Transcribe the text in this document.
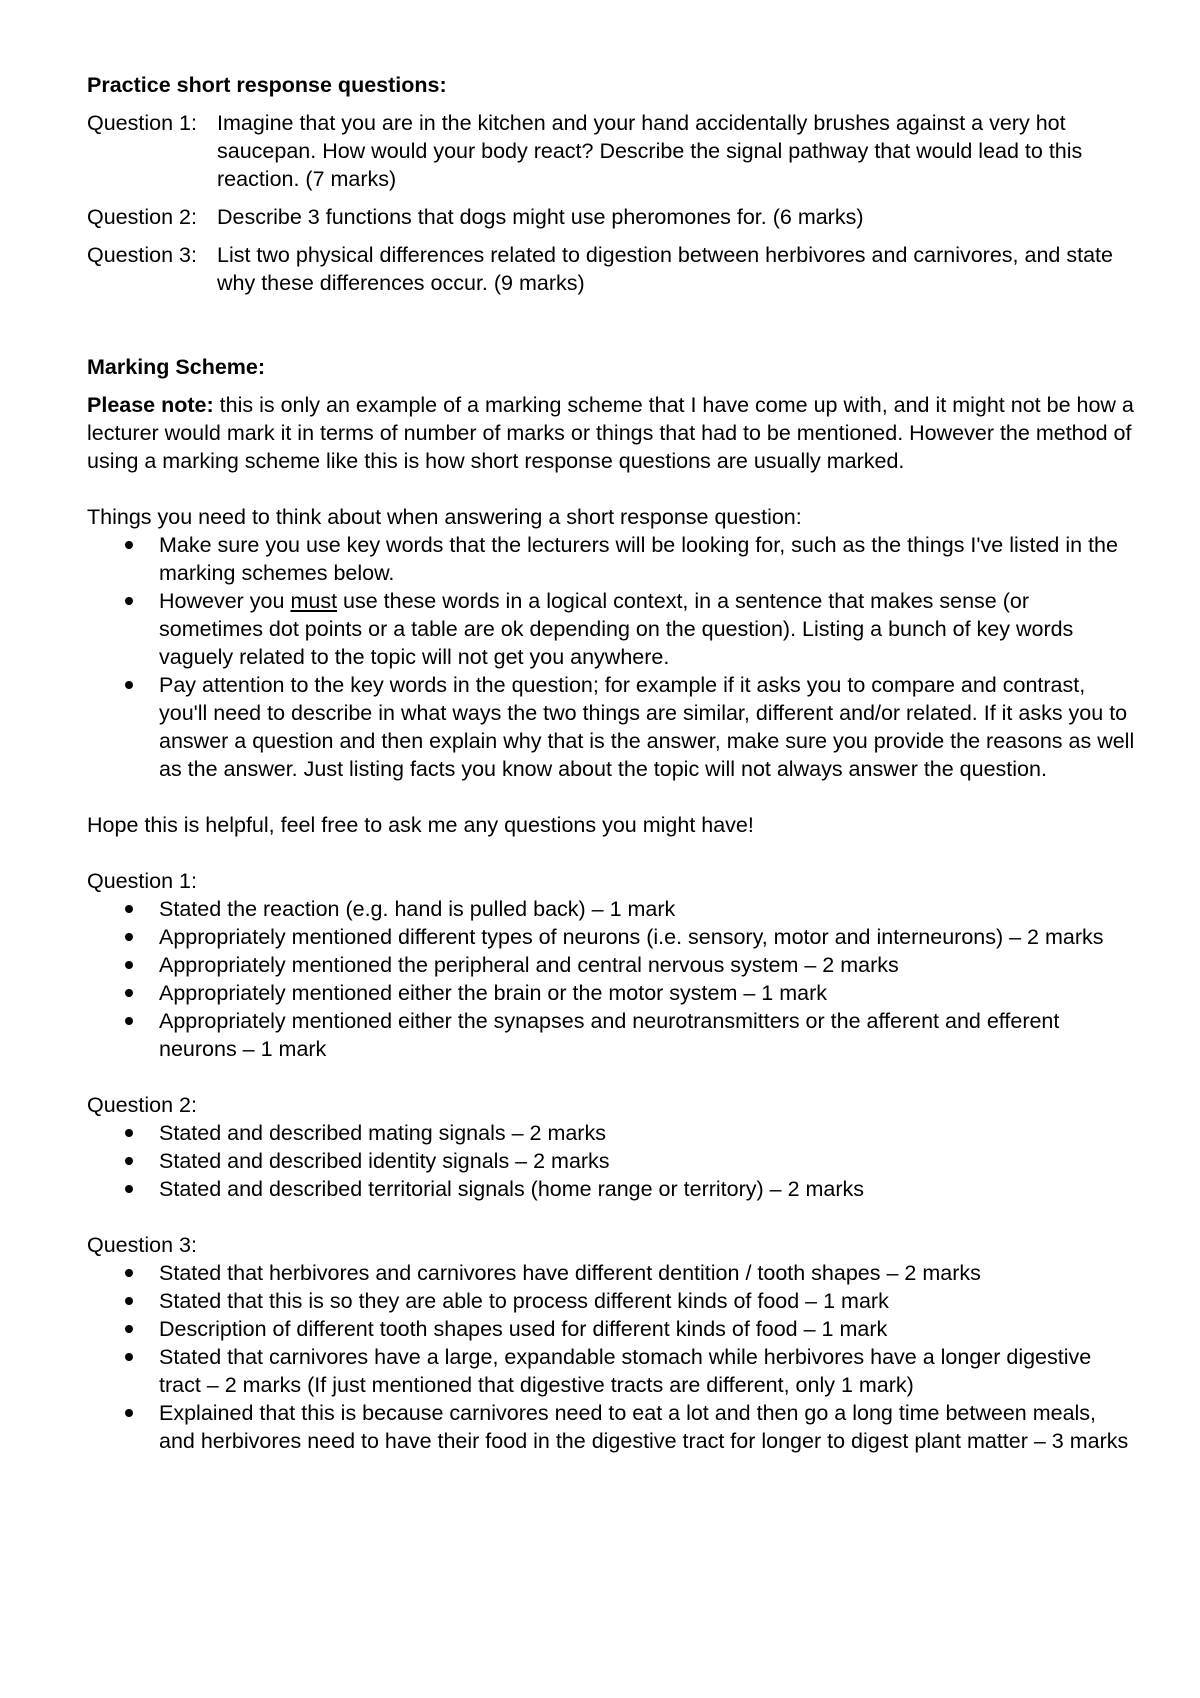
Practice short response questions:
Question 1: Imagine that you are in the kitchen and your hand accidentally brushes against a very hot saucepan. How would your body react? Describe the signal pathway that would lead to this reaction. (7 marks)
Question 2: Describe 3 functions that dogs might use pheromones for. (6 marks)
Question 3: List two physical differences related to digestion between herbivores and carnivores, and state why these differences occur. (9 marks)
Marking Scheme:

Please note: this is only an example of a marking scheme that I have come up with, and it might not be how a lecturer would mark it in terms of number of marks or things that had to be mentioned. However the method of using a marking scheme like this is how short response questions are usually marked.

Things you need to think about when answering a short response question:

Make sure you use key words that the lecturers will be looking for, such as the things I've listed in the marking schemes below.
However you must use these words in a logical context, in a sentence that makes sense (or sometimes dot points or a table are ok depending on the question). Listing a bunch of key words vaguely related to the topic will not get you anywhere.
Pay attention to the key words in the question; for example if it asks you to compare and contrast, you'll need to describe in what ways the two things are similar, different and/or related. If it asks you to answer a question and then explain why that is the answer, make sure you provide the reasons as well as the answer. Just listing facts you know about the topic will not always answer the question.

Hope this is helpful, feel free to ask me any questions you might have!

Question 1:
Stated the reaction (e.g. hand is pulled back) – 1 mark
Appropriately mentioned different types of neurons (i.e. sensory, motor and interneurons) – 2 marks
Appropriately mentioned the peripheral and central nervous system – 2 marks
Appropriately mentioned either the brain or the motor system – 1 mark
Appropriately mentioned either the synapses and neurotransmitters or the afferent and efferent neurons – 1 mark
Question 2:
Stated and described mating signals – 2 marks
Stated and described identity signals – 2 marks
Stated and described territorial signals (home range or territory) – 2 marks
Question 3:
Stated that herbivores and carnivores have different dentition / tooth shapes – 2 marks
Stated that this is so they are able to process different kinds of food – 1 mark
Description of different tooth shapes used for different kinds of food – 1 mark
Stated that carnivores have a large, expandable stomach while herbivores have a longer digestive tract – 2 marks (If just mentioned that digestive tracts are different, only 1 mark)
Explained that this is because carnivores need to eat a lot and then go a long time between meals, and herbivores need to have their food in the digestive tract for longer to digest plant matter – 3 marks
